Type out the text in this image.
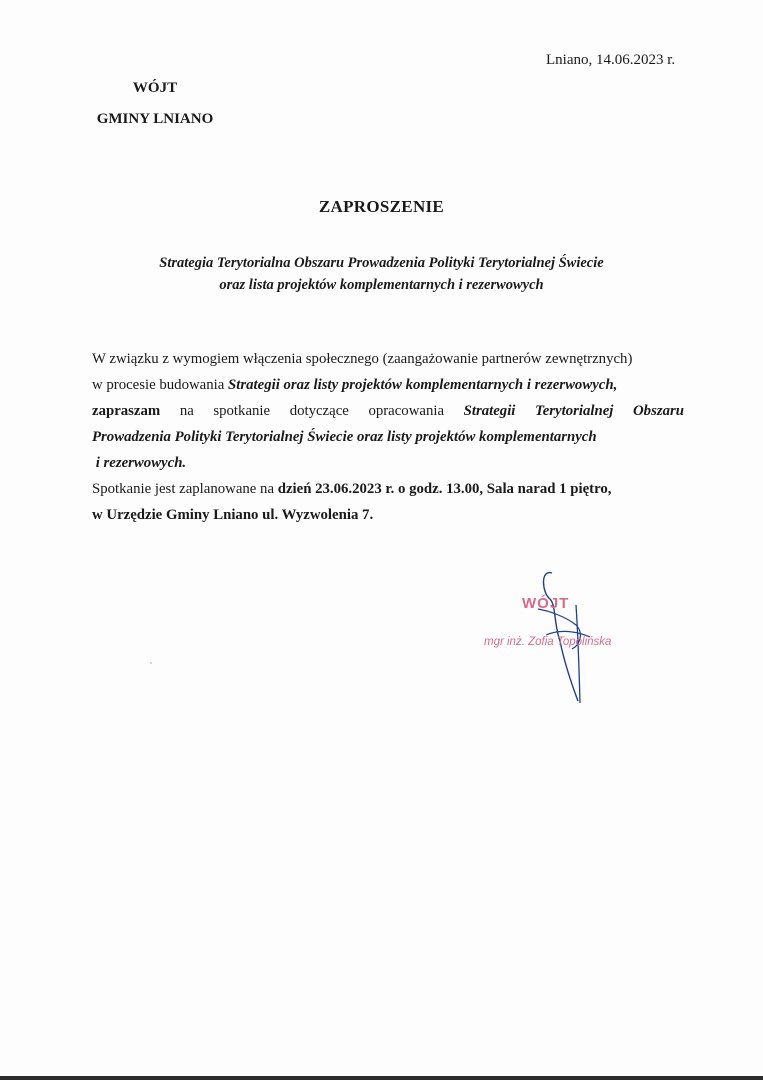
Lniano, 14.06.2023 r.
WÓJT
GMINY LNIANO
ZAPROSZENIE
Strategia Terytorialna Obszaru Prowadzenia Polityki Terytorialnej Świecie
oraz lista projektów komplementarnych i rezerwowych

W związku z wymogiem włączenia społecznego (zaangażowanie partnerów zewnętrznych)

w procesie budowania Strategii oraz listy projektów komplementarnych i rezerwowych,

zapraszam na spotkanie dotyczące opracowania Strategii Terytorialnej Obszaru

Prowadzenia Polityki Terytorialnej Świecie oraz listy projektów komplementarnych

i rezerwowych.

Spotkanie jest zaplanowane na dzień 23.06.2023 r. o godz. 13.00, Sala narad 1 piętro,

w Urzędzie Gminy Lniano ul. Wyzwolenia 7.

WÓJT
mgr inż. Zofia Topolińska
